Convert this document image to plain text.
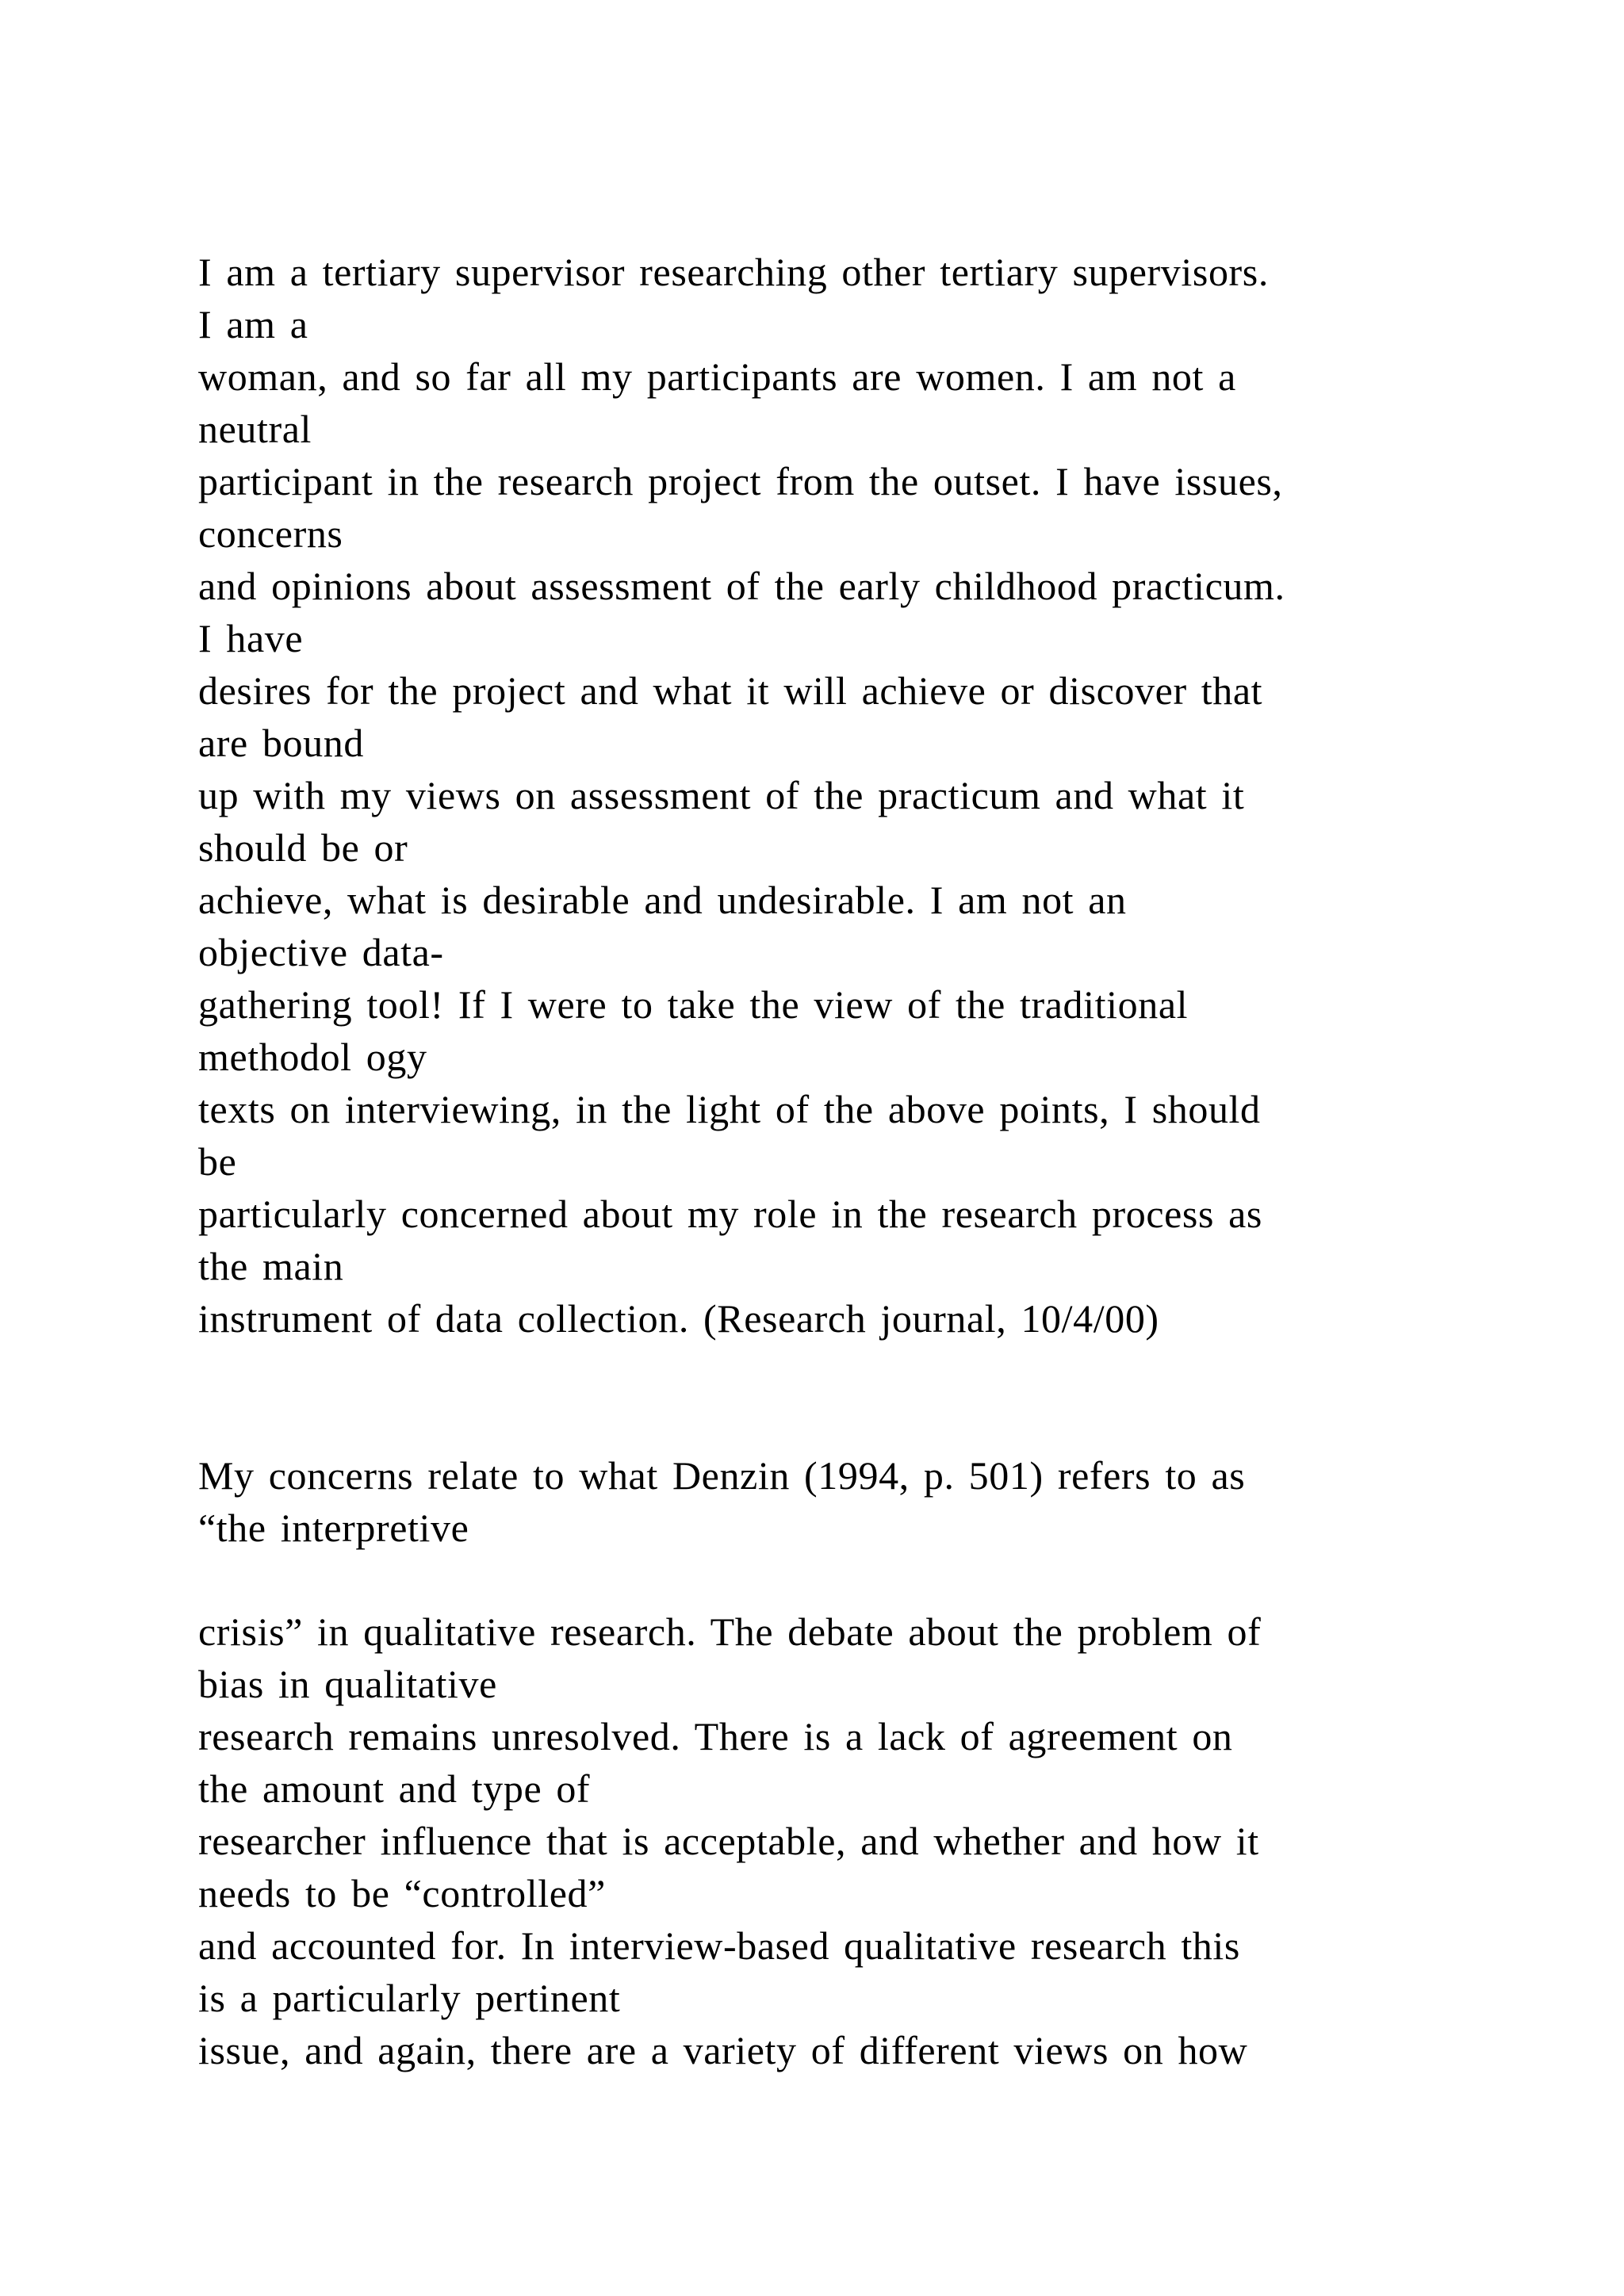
I am a tertiary supervisor researching other tertiary supervisors.
I am a
woman, and so far all my participants are women. I am not a
neutral
participant in the research project from the outset. I have issues,
concerns
and opinions about assessment of the early childhood practicum.
I have
desires for the project and what it will achieve or discover that
are bound
up with my views on assessment of the practicum and what it
should be or
achieve, what is desirable and undesirable. I am not an
objective data-
gathering tool! If I were to take the view of the traditional
methodol ogy
texts on interviewing, in the light of the above points, I should
be
particularly concerned about my role in the research process as
the main
instrument of data collection. (Research journal, 10/4/00)
My concerns relate to what Denzin (1994, p. 501) refers to as
“the interpretive
crisis” in qualitative research. The debate about the problem of
bias in qualitative
research remains unresolved. There is a lack of agreement on
the amount and type of
researcher influence that is acceptable, and whether and how it
needs to be “controlled”
and accounted for. In interview-based qualitative research this
is a particularly pertinent
issue, and again, there are a variety of different views on how
